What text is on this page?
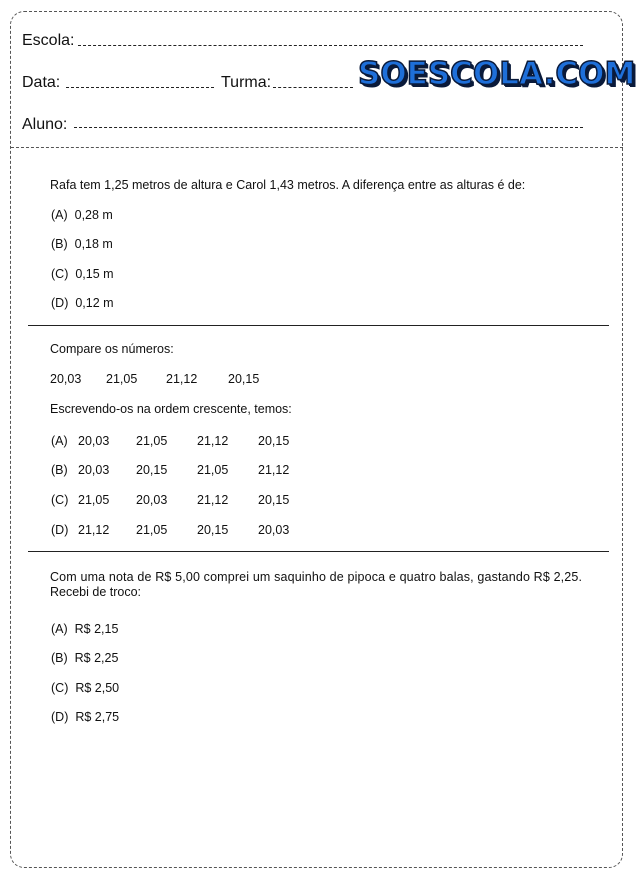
Escola:
Data:	Turma:	SOESCOLA.COM
Aluno:
Rafa tem 1,25 metros de altura e Carol 1,43 metros. A diferença entre as alturas é de:
(A) 0,28 m
(B) 0,18 m
(C) 0,15 m
(D) 0,12 m
Compare os números:
20,03 21,05 21,12 20,15
Escrevendo-os na ordem crescente, temos:
(A) 20,03 21,05 21,12 20,15
(B) 20,03 20,15 21,05 21,12
(C) 21,05 20,03 21,12 20,15
(D) 21,12 21,05 20,15 20,03
Com uma nota de R$ 5,00 comprei um saquinho de pipoca e quatro balas, gastando R$ 2,25.
Recebi de troco:
(A) R$ 2,15
(B) R$ 2,25
(C) R$ 2,50
(D) R$ 2,75
